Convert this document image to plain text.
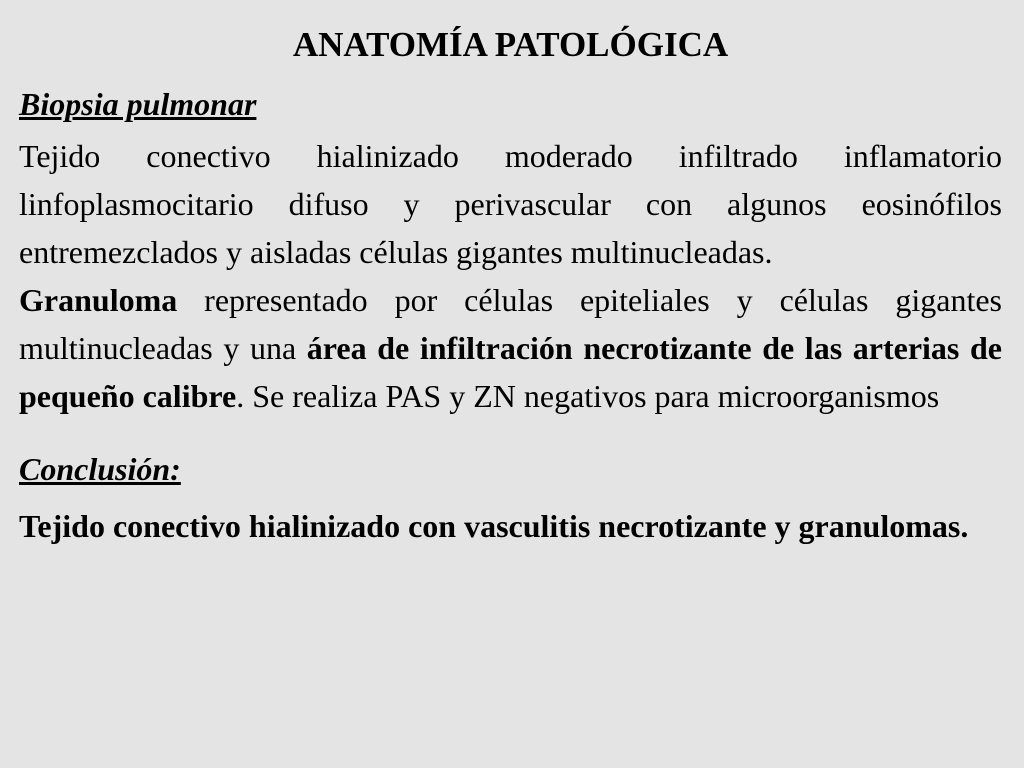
ANATOMÍA PATOLÓGICA

Biopsia pulmonar

Tejido conectivo hialinizado moderado infiltrado inflamatorio linfoplasmocitario difuso y perivascular con algunos eosinófilos entremezclados y aisladas células gigantes multinucleadas.

Granuloma representado por células epiteliales y células gigantes multinucleadas y una área de infiltración necrotizante de las arterias de pequeño calibre. Se realiza PAS y ZN negativos para microorganismos

Conclusión:

Tejido conectivo hialinizado con vasculitis necrotizante y granulomas.
